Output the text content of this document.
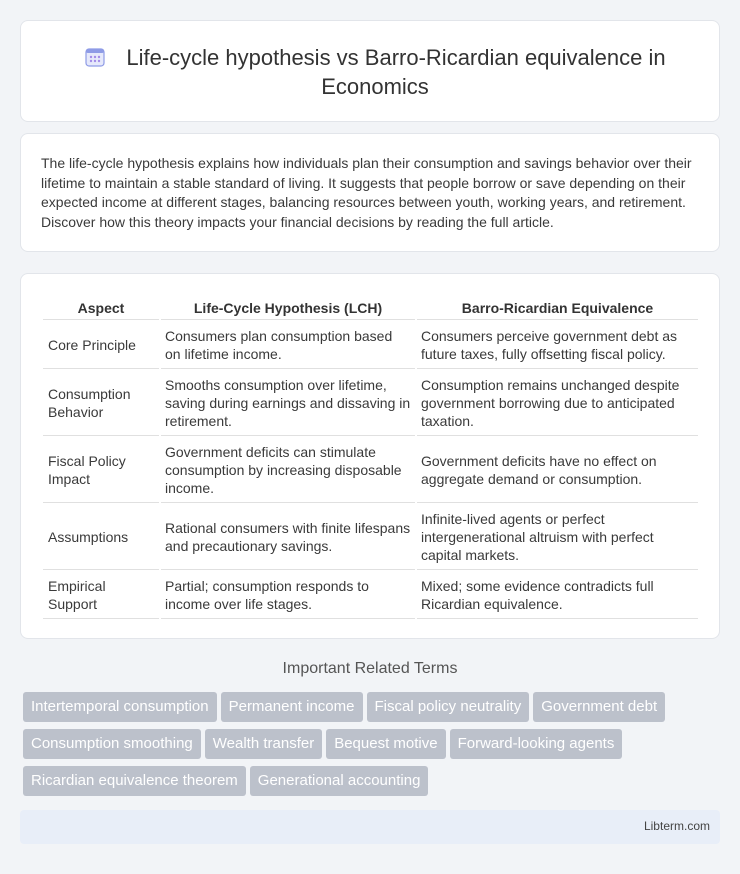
Life-cycle hypothesis vs Barro-Ricardian equivalence in Economics

The life-cycle hypothesis explains how individuals plan their consumption and savings behavior over their lifetime to maintain a stable standard of living. It suggests that people borrow or save depending on their expected income at different stages, balancing resources between youth, working years, and retirement. Discover how this theory impacts your financial decisions by reading the full article.

Aspect	Life-Cycle Hypothesis (LCH)	Barro-Ricardian Equivalence
Core Principle	Consumers plan consumption based on lifetime income.	Consumers perceive government debt as future taxes, fully offsetting fiscal policy.
Consumption Behavior	Smooths consumption over lifetime, saving during earnings and dissaving in retirement.	Consumption remains unchanged despite government borrowing due to anticipated taxation.
Fiscal Policy Impact	Government deficits can stimulate consumption by increasing disposable income.	Government deficits have no effect on aggregate demand or consumption.
Assumptions	Rational consumers with finite lifespans and precautionary savings.	Infinite-lived agents or perfect intergenerational altruism with perfect capital markets.
Empirical Support	Partial; consumption responds to income over life stages.	Mixed; some evidence contradicts full Ricardian equivalence.
Important Related Terms
Intertemporal consumption Permanent income Fiscal policy neutrality Government debt
Consumption smoothing Wealth transfer Bequest motive Forward-looking agents
Ricardian equivalence theorem Generational accounting
Libterm.com
